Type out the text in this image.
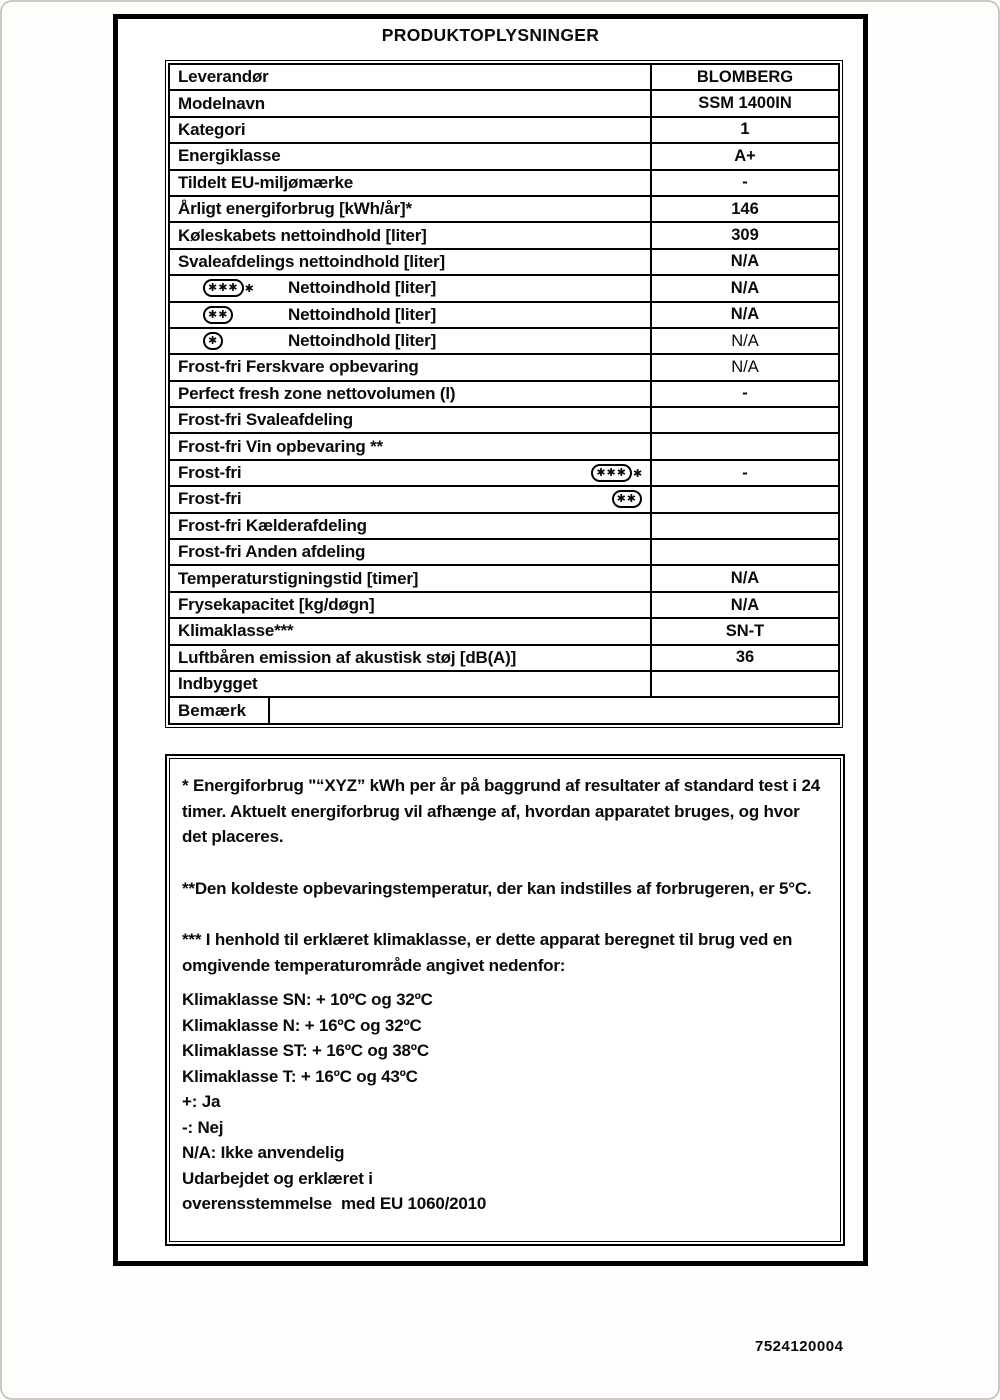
PRODUKTOPLYSNINGER
Leverandør	BLOMBERG
Modelnavn	SSM 1400IN
Kategori	1
Energiklasse	A+
Tildelt EU-miljømærke	-
Årligt energiforbrug [kWh/år]*	146
Køleskabets nettoindhold [liter]	309
Svaleafdelings nettoindhold [liter]	N/A
✱✱✱ ✱ Nettoindhold [liter]	N/A
✱✱	Nettoindhold [liter]	N/A
✱	Nettoindhold [liter]	N/A
Frost-fri Ferskvare opbevaring	N/A
Perfect fresh zone nettovolumen (l)	-
Frost-fri Svaleafdeling
Frost-fri Vin opbevaring **
Frost-fri	✱✱✱ ✱	-
Frost-fri	✱✱
Frost-fri Kælderafdeling
Frost-fri Anden afdeling
Temperaturstigningstid [timer]	N/A
Frysekapacitet [kg/døgn]	N/A
Klimaklasse***	SN-T
Luftbåren emission af akustisk støj [dB(A)]	36
Indbygget
Bemærk

* Energiforbrug "“XYZ” kWh per år på baggrund af resultater af standard test i 24 timer. Aktuelt energiforbrug vil afhænge af, hvordan apparatet bruges, og hvor det placeres.

**Den koldeste opbevaringstemperatur, der kan indstilles af forbrugeren, er 5°C.

*** I henhold til erklæret klimaklasse, er dette apparat beregnet til brug ved en omgivende temperaturområde angivet nedenfor:

Klimaklasse SN: + 10ºC og 32ºC
Klimaklasse N: + 16ºC og 32ºC
Klimaklasse ST: + 16ºC og 38ºC
Klimaklasse T: + 16ºC og 43ºC
+: Ja
-: Nej
N/A: Ikke anvendelig
Udarbejdet og erklæret i
overensstemmelse  med EU 1060/2010
7524120004
